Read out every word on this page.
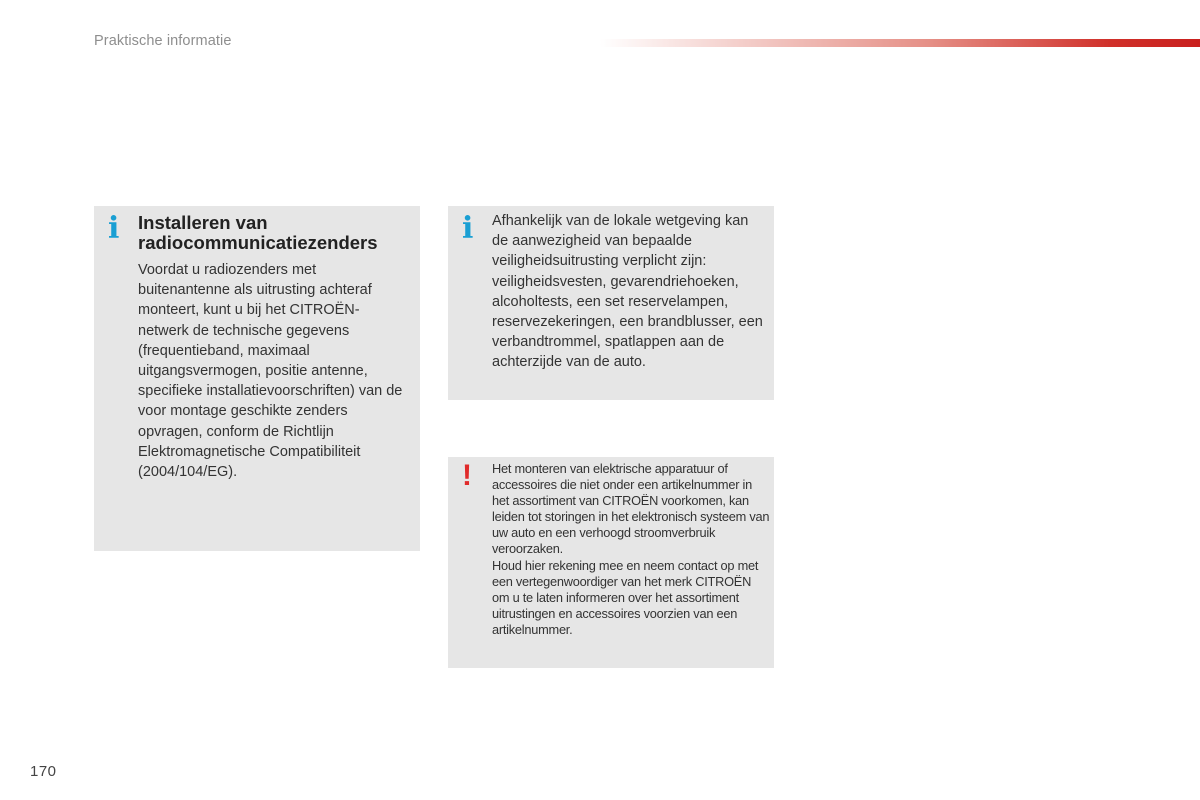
Praktische informatie
i Installeren van radiocommunicatiezenders

Voordat u radiozenders met buitenantenne als uitrusting achteraf monteert, kunt u bij het CITROËN-netwerk de technische gegevens (frequentieband, maximaal uitgangsvermogen, positie antenne, specifieke installatievoorschriften) van de voor montage geschikte zenders opvragen, conform de Richtlijn Elektromagnetische Compatibiliteit (2004/104/EG).

i Afhankelijk van de lokale wetgeving kan de aanwezigheid van bepaalde veiligheidsuitrusting verplicht zijn: veiligheidsvesten, gevarendriehoeken, alcoholtests, een set reservelampen, reservezekeringen, een brandblusser, een verbandtrommel, spatlappen aan de achterzijde van de auto.

! Het monteren van elektrische apparatuur of accessoires die niet onder een artikelnummer in het assortiment van CITROËN voorkomen, kan leiden tot storingen in het elektronisch systeem van uw auto en een verhoogd stroomverbruik veroorzaken.
Houd hier rekening mee en neem contact op met een vertegenwoordiger van het merk CITROËN om u te laten informeren over het assortiment uitrustingen en accessoires voorzien van een artikelnummer.

170
